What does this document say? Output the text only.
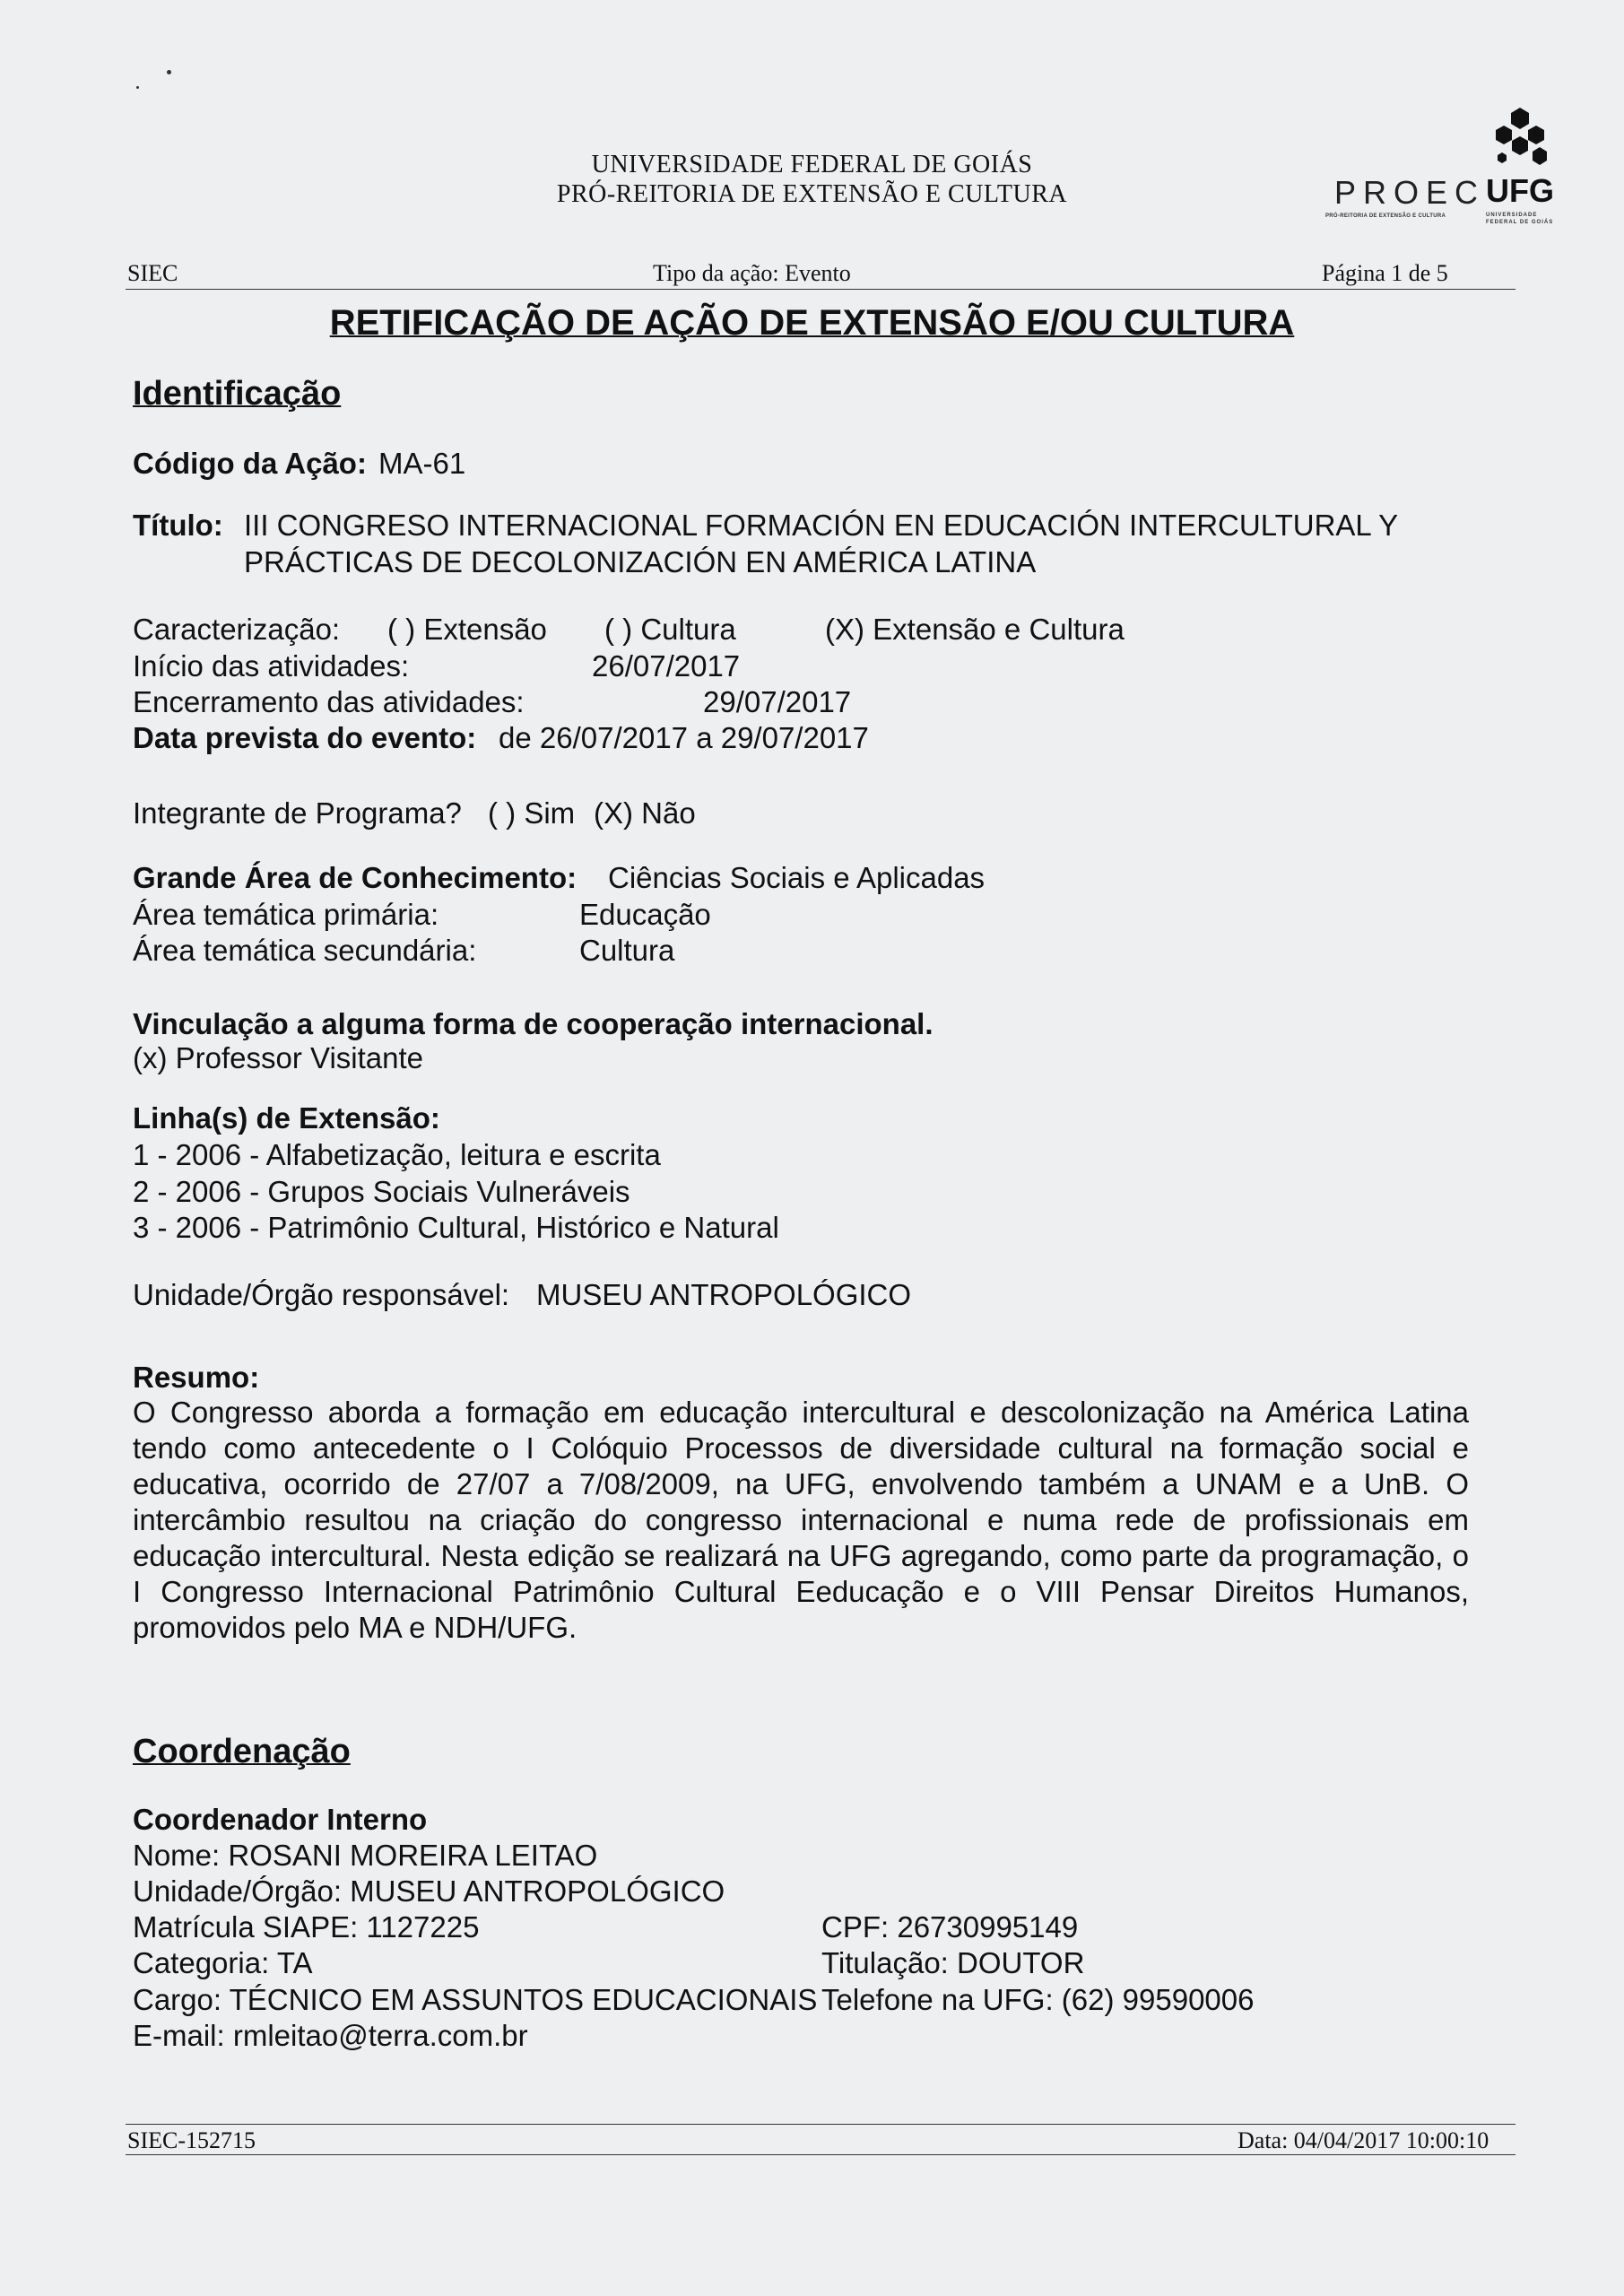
UNIVERSIDADE FEDERAL DE GOIÁS
PRÓ-REITORIA DE EXTENSÃO E CULTURA	PROEC
PRÓ-REITORIA DE EXTENSÃO E CULTURA
UFG
UNIVERSIDADE
FEDERAL DE GOIÁS
SIEC	Tipo da ação: Evento	Página 1 de 5
RETIFICAÇÃO DE AÇÃO DE EXTENSÃO E/OU CULTURA
Identificação
Código da Ação: MA-61
Título: III CONGRESO INTERNACIONAL FORMACIÓN EN EDUCACIÓN INTERCULTURAL Y
PRÁCTICAS DE DECOLONIZACIÓN EN AMÉRICA LATINA
Caracterização: ( ) Extensão ( ) Cultura	(X) Extensão e Cultura
Início das atividades:	26/07/2017
Encerramento das atividades:	29/07/2017
Data prevista do evento: de 26/07/2017 a 29/07/2017
Integrante de Programa? ( ) Sim (X) Não
Grande Área de Conhecimento: Ciências Sociais e Aplicadas
Área temática primária:	Educação
Área temática secundária:	Cultura
Vinculação a alguma forma de cooperação internacional.
(x) Professor Visitante
Linha(s) de Extensão:
1 - 2006 - Alfabetização, leitura e escrita
2 - 2006 - Grupos Sociais Vulneráveis
3 - 2006 - Patrimônio Cultural, Histórico e Natural
Unidade/Órgão responsável: MUSEU ANTROPOLÓGICO
Resumo:
O Congresso aborda a formação em educação intercultural e descolonização na América Latina tendo como antecedente o I Colóquio Processos de diversidade cultural na formação social e educativa, ocorrido de 27/07 a 7/08/2009, na UFG, envolvendo também a UNAM e a UnB. O intercâmbio resultou na criação do congresso internacional e numa rede de profissionais em educação intercultural. Nesta edição se realizará na UFG agregando, como parte da programação, o I Congresso Internacional Patrimônio Cultural Eeducação e o VIII Pensar Direitos Humanos, promovidos pelo MA e NDH/UFG.
Coordenação
Coordenador Interno
Nome: ROSANI MOREIRA LEITAO
Unidade/Órgão: MUSEU ANTROPOLÓGICO
Matrícula SIAPE: 1127225	CPF: 26730995149
Categoria: TA	Titulação: DOUTOR
Cargo: TÉCNICO EM ASSUNTOS EDUCACIONAIS Telefone na UFG: (62) 99590006
E-mail: rmleitao@terra.com.br
SIEC-152715	Data: 04/04/2017 10:00:10
